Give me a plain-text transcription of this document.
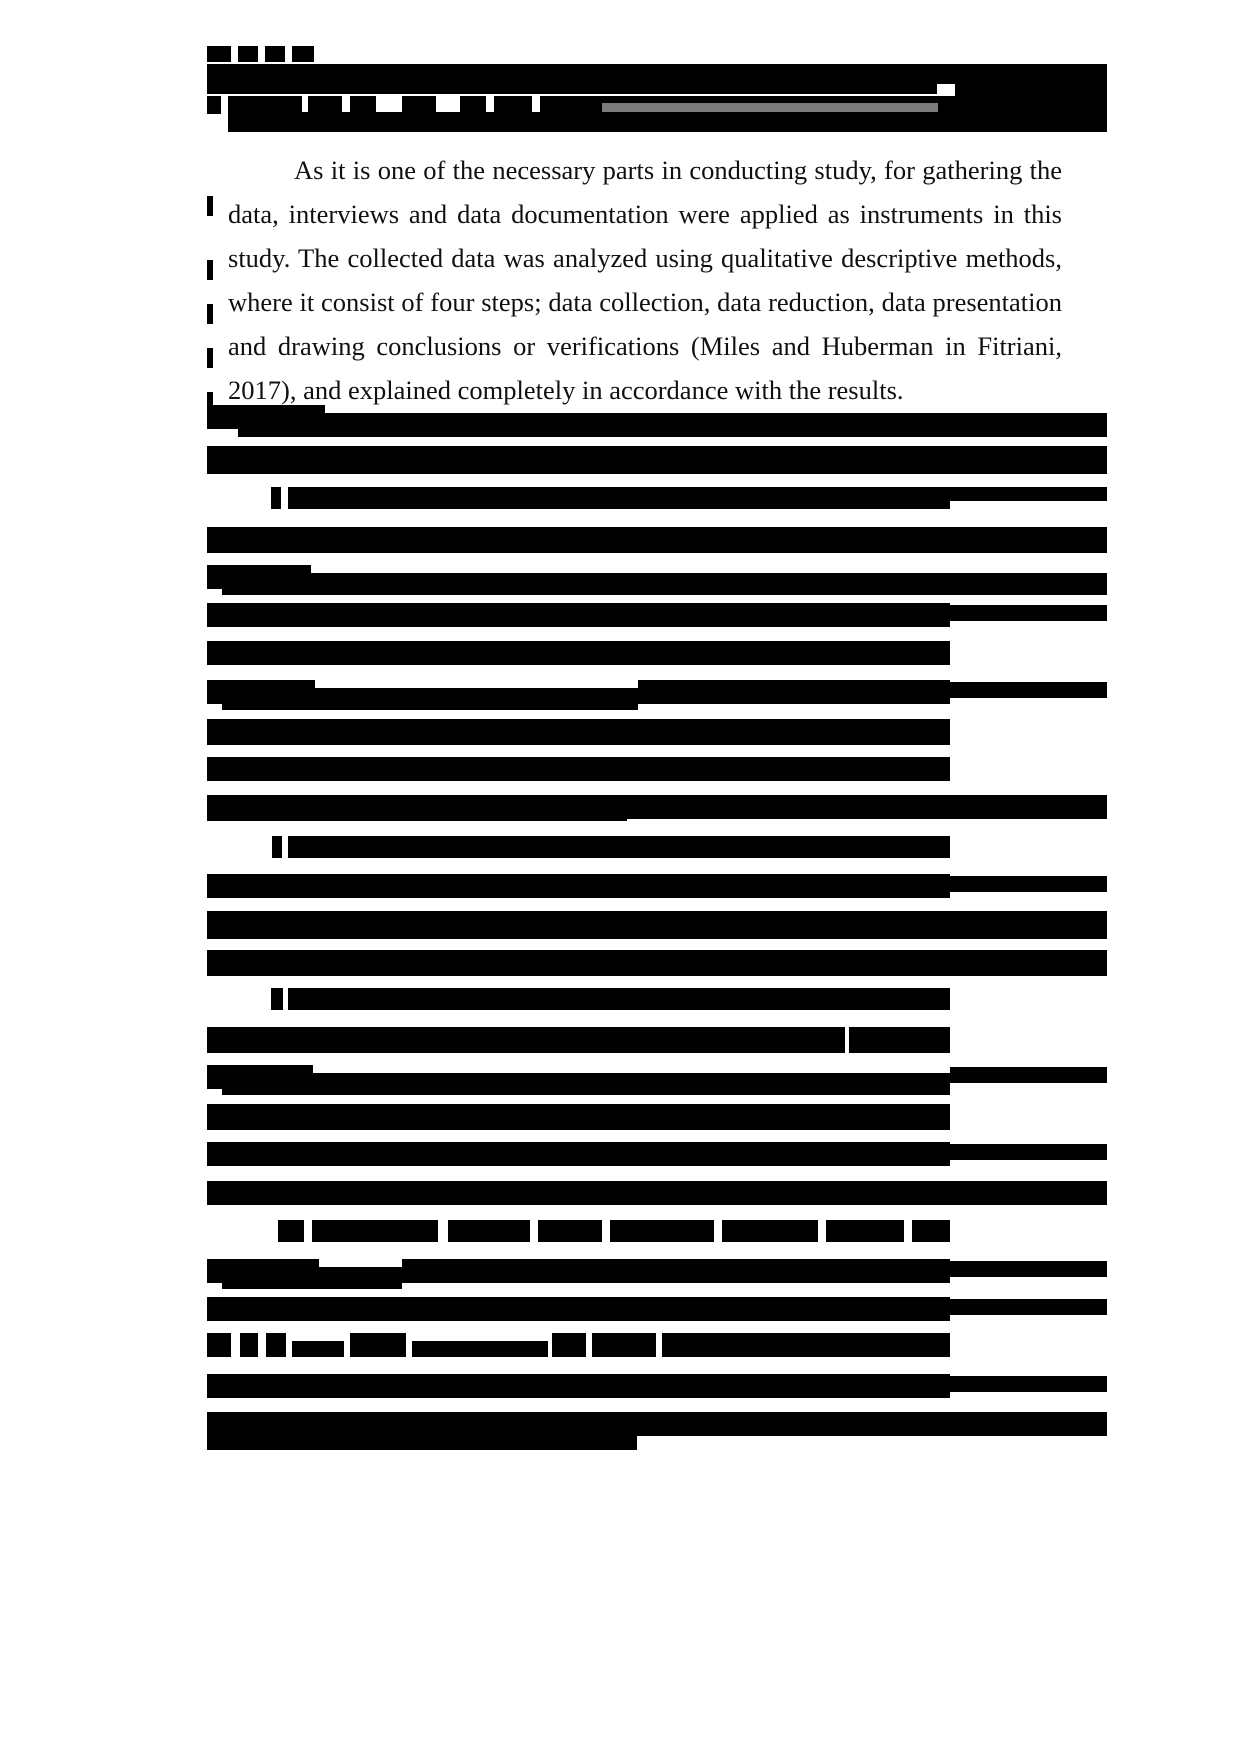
As it is one of the necessary parts in conducting study, for gathering the data, interviews and data documentation were applied as instruments in this study. The collected data was analyzed using qualitative descriptive methods, where it consist of four steps; data collection, data reduction, data presentation and drawing conclusions or verifications (Miles and Huberman in Fitriani, 2017), and explained completely in accordance with the results.
